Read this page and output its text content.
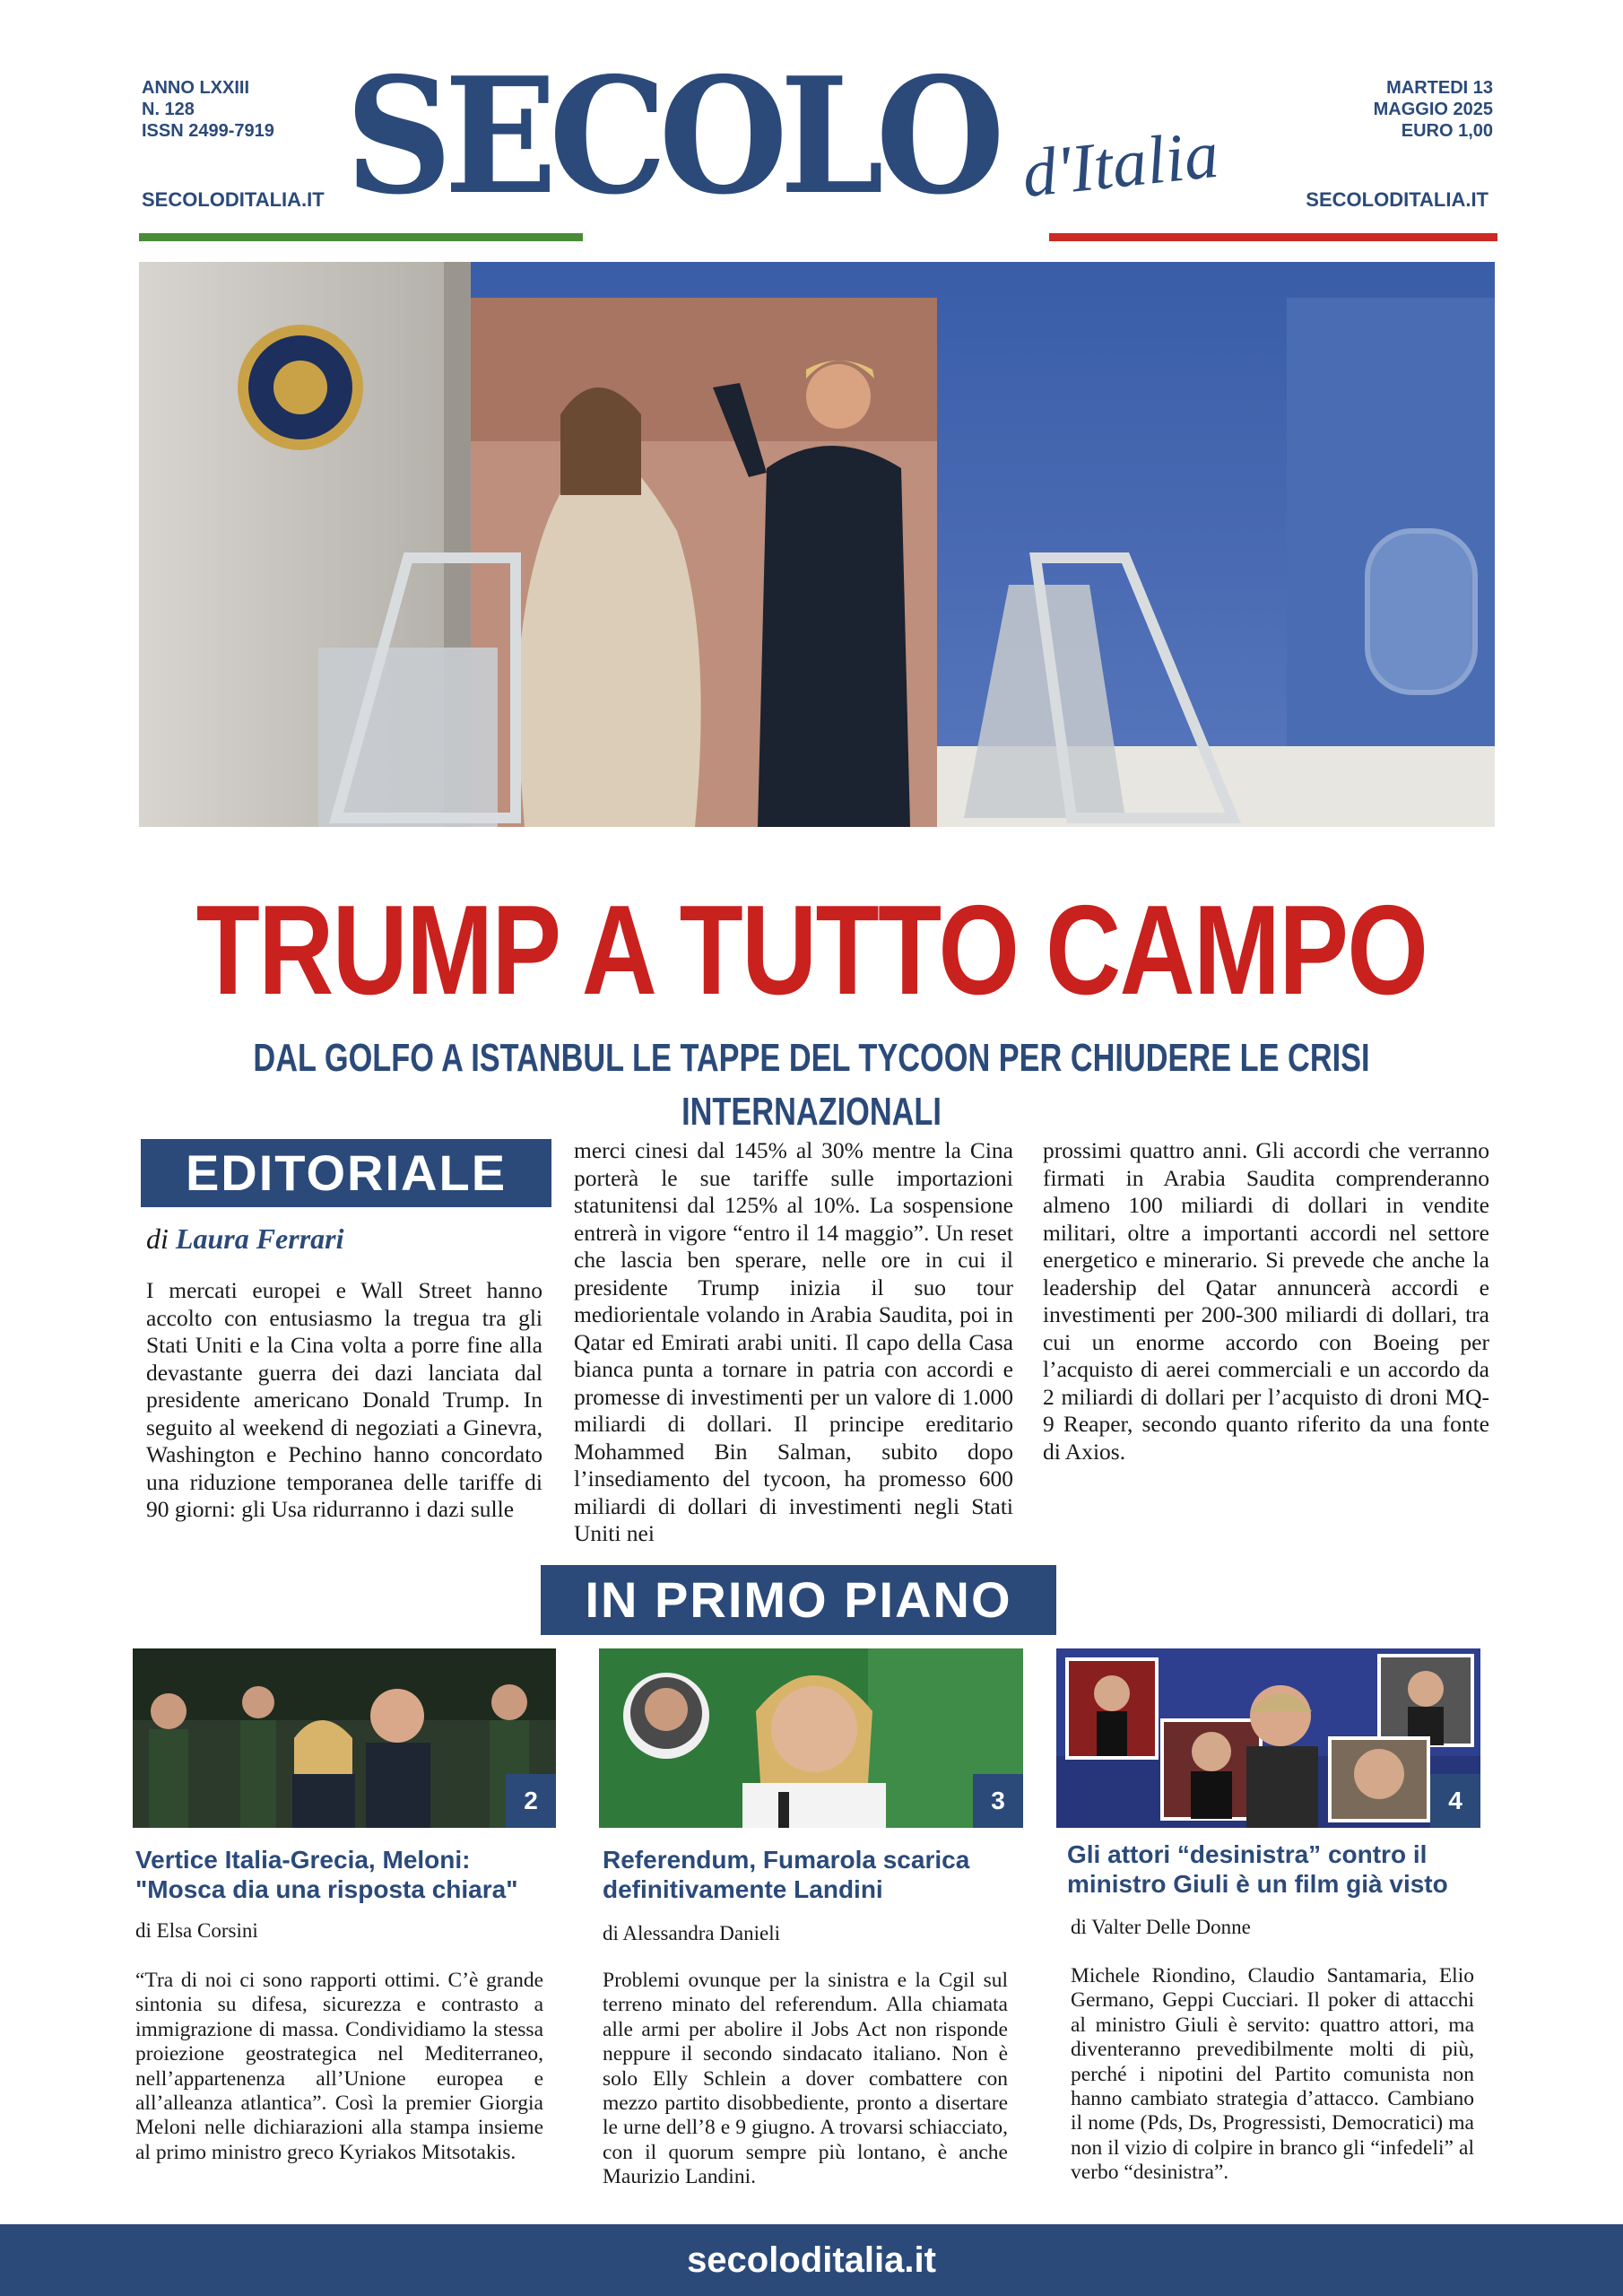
ANNO LXXIII
N. 128
ISSN 2499-7919
SECOLODITALIA.IT SECOLO d'Italia
MARTEDI 13
MAGGIO 2025
EURO 1,00
SECOLODITALIA.IT
TRUMP A TUTTO CAMPO
DAL GOLFO A ISTANBUL LE TAPPE DEL TYCOON PER CHIUDERE LE CRISI INTERNAZIONALI
EDITORIALE
di Laura Ferrari
I mercati europei e Wall Street hanno accolto con entusiasmo la tregua tra gli Stati Uniti e la Cina volta a porre fine alla devastante guerra dei dazi lanciata dal presidente americano Donald Trump. In seguito al weekend di negoziati a Ginevra, Washington e Pechino hanno concordato una riduzione temporanea delle tariffe di 90 giorni: gli Usa ridurranno i dazi sulle
merci cinesi dal 145% al 30% mentre la Cina porterà le sue tariffe sulle importazioni statunitensi dal 125% al 10%. La sospensione entrerà in vigore “entro il 14 maggio”. Un reset che lascia ben sperare, nelle ore in cui il presidente Trump inizia il suo tour mediorientale volando in Arabia Saudita, poi in Qatar ed Emirati arabi uniti. Il capo della Casa bianca punta a tornare in patria con accordi e promesse di investimenti per un valore di 1.000 miliardi di dollari. Il principe ereditario Mohammed Bin Salman, subito dopo l’insediamento del tycoon, ha promesso 600 miliardi di dollari di investimenti negli Stati Uniti nei
prossimi quattro anni. Gli accordi che verranno firmati in Arabia Saudita comprenderanno almeno 100 miliardi di dollari in vendite militari, oltre a importanti accordi nel settore energetico e minerario. Si prevede che anche la leadership del Qatar annuncerà accordi e investimenti per 200-300 miliardi di dollari, tra cui un enorme accordo con Boeing per l’acquisto di aerei commerciali e un accordo da 2 miliardi di dollari per l’acquisto di droni MQ-9 Reaper, secondo quanto riferito da una fonte di Axios.
IN PRIMO PIANO
2
Vertice Italia-Grecia, Meloni: "Mosca dia una risposta chiara"
di Elsa Corsini
“Tra di noi ci sono rapporti ottimi. C’è grande sintonia su difesa, sicurezza e contrasto a immigrazione di massa. Condividiamo la stessa proiezione geostrategica nel Mediterraneo, nell’appartenenza all’Unione europea e all’alleanza atlantica”. Così la premier Giorgia Meloni nelle dichiarazioni alla stampa insieme al primo ministro greco Kyriakos Mitsotakis.
3
Referendum, Fumarola scarica definitivamente Landini
di Alessandra Danieli
Problemi ovunque per la sinistra e la Cgil sul terreno minato del referendum. Alla chiamata alle armi per abolire il Jobs Act non risponde neppure il secondo sindacato italiano. Non è solo Elly Schlein a dover combattere con mezzo partito disobbediente, pronto a disertare le urne dell’8 e 9 giugno. A trovarsi schiacciato, con il quorum sempre più lontano, è anche Maurizio Landini.
4
Gli attori “desinistra” contro il ministro Giuli è un film già visto
di Valter Delle Donne
Michele Riondino, Claudio Santamaria, Elio Germano, Geppi Cucciari. Il poker di attacchi al ministro Giuli è servito: quattro attori, ma diventeranno prevedibilmente molti di più, perché i nipotini del Partito comunista non hanno cambiato strategia d’attacco. Cambiano il nome (Pds, Ds, Progressisti, Democratici) ma non il vizio di colpire in branco gli “infedeli” al verbo “desinistra”.
secoloditalia.it
